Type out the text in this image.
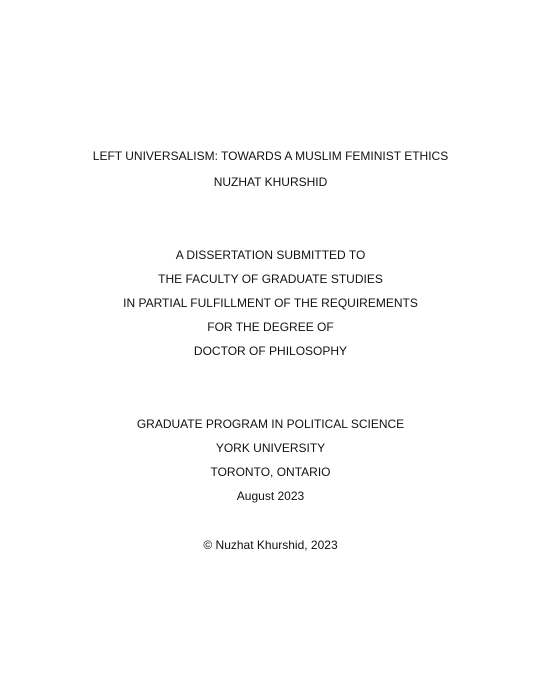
LEFT UNIVERSALISM: TOWARDS A MUSLIM FEMINIST ETHICS
NUZHAT KHURSHID
A DISSERTATION SUBMITTED TO
THE FACULTY OF GRADUATE STUDIES
IN PARTIAL FULFILLMENT OF THE REQUIREMENTS
FOR THE DEGREE OF
DOCTOR OF PHILOSOPHY
GRADUATE PROGRAM IN POLITICAL SCIENCE
YORK UNIVERSITY
TORONTO, ONTARIO
August 2023
© Nuzhat Khurshid, 2023
